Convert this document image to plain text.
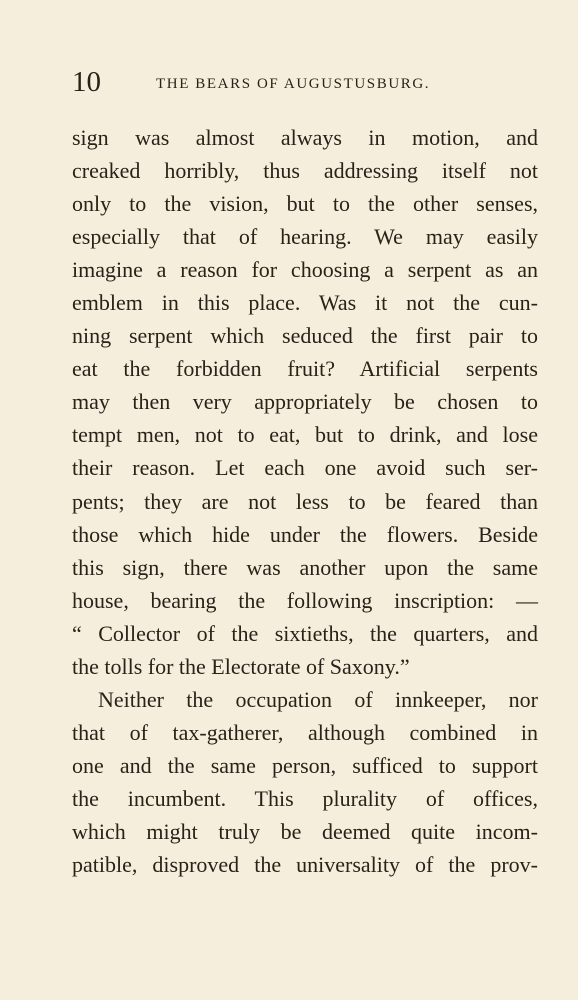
10	THE BEARS OF AUGUSTUSBURG.
sign was almost always in motion, and
creaked horribly, thus addressing itself not
only to the vision, but to the other senses,
especially that of hearing. We may easily
imagine a reason for choosing a serpent as an
emblem in this place. Was it not the cun-
ning serpent which seduced the first pair to
eat the forbidden fruit? Artificial serpents
may then very appropriately be chosen to
tempt men, not to eat, but to drink, and lose
their reason. Let each one avoid such ser-
pents; they are not less to be feared than
those which hide under the flowers. Beside
this sign, there was another upon the same
house, bearing the following inscription: —
“ Collector of the sixtieths, the quarters, and
the tolls for the Electorate of Saxony.”
Neither the occupation of innkeeper, nor
that of tax-gatherer, although combined in
one and the same person, sufficed to support
the incumbent. This plurality of offices,
which might truly be deemed quite incom-
patible, disproved the universality of the prov-
